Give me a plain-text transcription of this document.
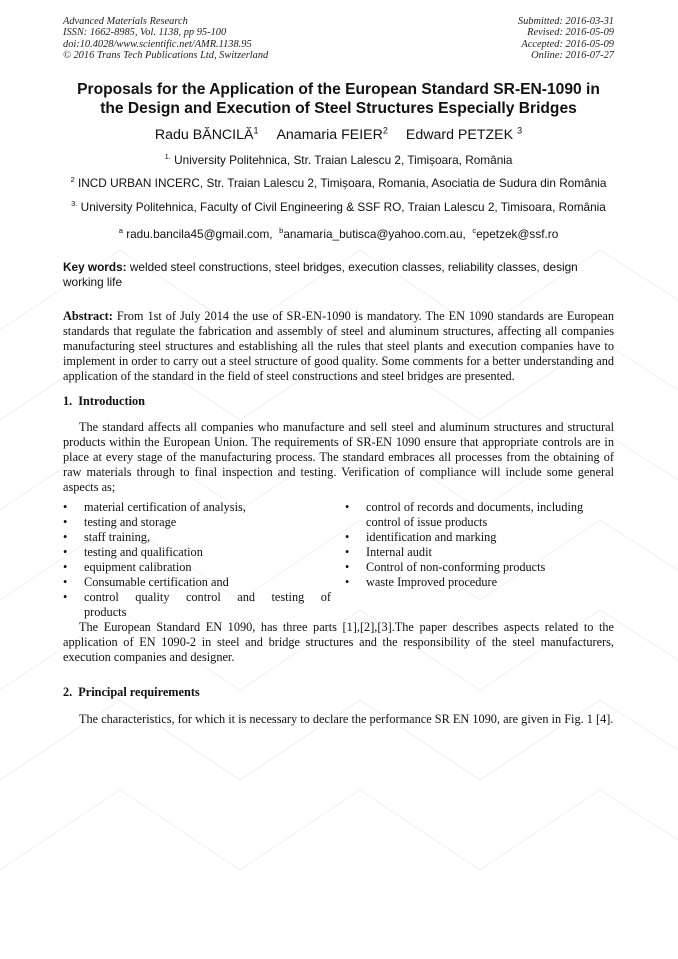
Advanced Materials Research
ISSN: 1662-8985, Vol. 1138, pp 95-100
doi:10.4028/www.scientific.net/AMR.1138.95
© 2016 Trans Tech Publications Ltd, Switzerland
Submitted: 2016-03-31
Revised: 2016-05-09
Accepted: 2016-05-09
Online: 2016-07-27
Proposals for the Application of the European Standard SR-EN-1090 in
the Design and Execution of Steel Structures Especially Bridges
Radu BĂNCILĂ$^1$ Anamaria FEIER$^2$ Edward PETZEK $^3$
$^{1.}$ University Politehnica, Str. Traian Lalescu 2, Timișoara, România
$^2$ INCD URBAN INCERC, Str. Traian Lalescu 2, Timișoara, Romania, Asociatia de Sudura din România
$^{3.}$ University Politehnica, Faculty of Civil Engineering & SSF RO, Traian Lalescu 2, Timisoara, România
$^a$ radu.bancila45@gmail.com, $^b$anamaria_butisca@yahoo.com.au, $^c$epetzek@ssf.ro
Key words: welded steel constructions, steel bridges, execution classes, reliability classes, design working life
Abstract: From 1st of July 2014 the use of SR-EN-1090 is mandatory. The EN 1090 standards are European standards that regulate the fabrication and assembly of steel and aluminum structures, affecting all companies manufacturing steel structures and establishing all the rules that steel plants and execution companies have to implement in order to carry out a steel structure of good quality. Some comments for a better understanding and application of the standard in the field of steel constructions and steel bridges are presented.
1. Introduction

The standard affects all companies who manufacture and sell steel and aluminum structures and structural products within the European Union. The requirements of SR-EN 1090 ensure that appropriate controls are in place at every stage of the manufacturing process. The standard embraces all processes from the obtaining of raw materials through to final inspection and testing. Verification of compliance will include some general aspects as;

• material certification of analysis,
• testing and storage
• staff training,
• testing and qualification
• equipment calibration
• Consumable certification and
• control quality control and testing of
products
• control of records and documents, including control of issue products
• identification and marking
• Internal audit
• Control of non-conforming products
• waste Improved procedure

The European Standard EN 1090, has three parts [1],[2],[3].The paper describes aspects related to the application of EN 1090-2 in steel and bridge structures and the responsibility of the steel manufacturers, execution companies and designer.

2. Principal requirements

The characteristics, for which it is necessary to declare the performance SR EN 1090, are given in Fig. 1 [4].
